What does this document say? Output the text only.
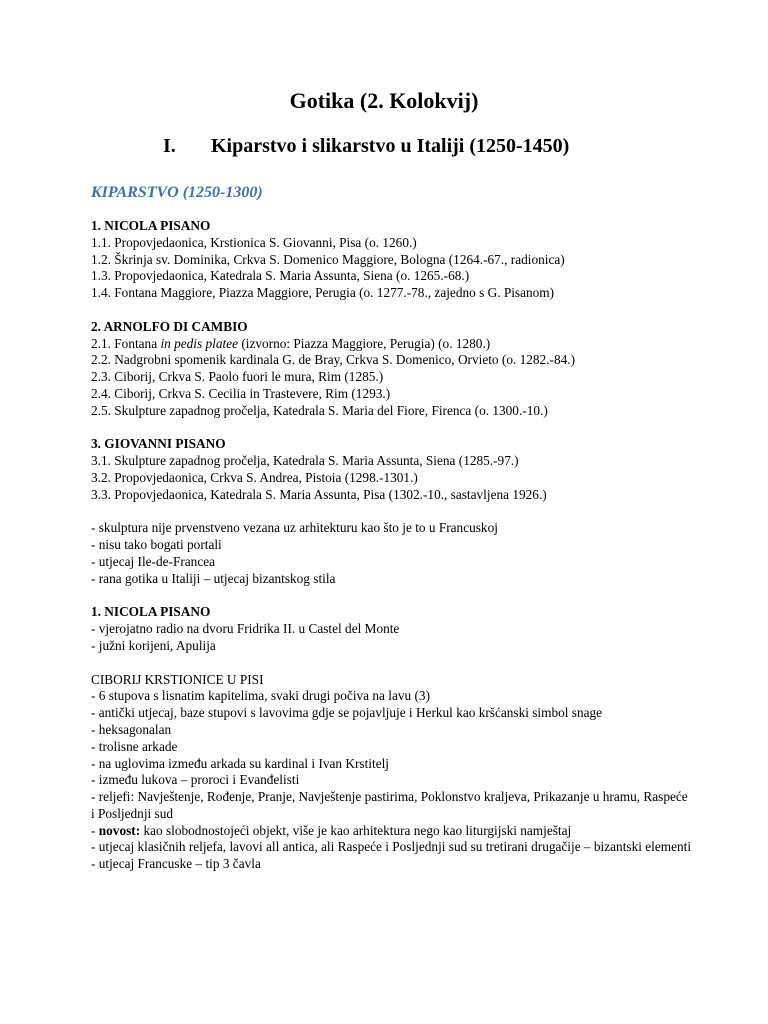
Gotika (2. Kolokvij)
I. Kiparstvo i slikarstvo u Italiji (1250-1450)
KIPARSTVO (1250-1300)
1. NICOLA PISANO
1.1. Propovjedaonica, Krstionica S. Giovanni, Pisa (o. 1260.)
1.2. Škrinja sv. Dominika, Crkva S. Domenico Maggiore, Bologna (1264.-67., radionica)
1.3. Propovjedaonica, Katedrala S. Maria Assunta, Siena (o. 1265.-68.)
1.4. Fontana Maggiore, Piazza Maggiore, Perugia (o. 1277.-78., zajedno s G. Pisanom)
2. ARNOLFO DI CAMBIO
2.1. Fontana in pedis platee (izvorno: Piazza Maggiore, Perugia) (o. 1280.)
2.2. Nadgrobni spomenik kardinala G. de Bray, Crkva S. Domenico, Orvieto (o. 1282.-84.)
2.3. Ciborij, Crkva S. Paolo fuori le mura, Rim (1285.)
2.4. Ciborij, Crkva S. Cecilia in Trastevere, Rim (1293.)
2.5. Skulpture zapadnog pročelja, Katedrala S. Maria del Fiore, Firenca (o. 1300.-10.)
3. GIOVANNI PISANO
3.1. Skulpture zapadnog pročelja, Katedrala S. Maria Assunta, Siena (1285.-97.)
3.2. Propovjedaonica, Crkva S. Andrea, Pistoia (1298.-1301.)
3.3. Propovjedaonica, Katedrala S. Maria Assunta, Pisa (1302.-10., sastavljena 1926.)
- skulptura nije prvenstveno vezana uz arhitekturu kao što je to u Francuskoj
- nisu tako bogati portali
- utjecaj Ile-de-Francea
- rana gotika u Italiji – utjecaj bizantskog stila
1. NICOLA PISANO
- vjerojatno radio na dvoru Fridrika II. u Castel del Monte
- južni korijeni, Apulija
CIBORIJ KRSTIONICE U PISI
- 6 stupova s lisnatim kapitelima, svaki drugi počiva na lavu (3)
- antički utjecaj, baze stupovi s lavovima gdje se pojavljuje i Herkul kao kršćanski simbol snage
- heksagonalan
- trolisne arkade
- na uglovima između arkada su kardinal i Ivan Krstitelj
- između lukova – proroci i Evanđelisti
- reljefi: Navještenje, Rođenje, Pranje, Navještenje pastirima, Poklonstvo kraljeva, Prikazanje u hramu, Raspeće i Posljednji sud
- novost: kao slobodnostojeći objekt, više je kao arhitektura nego kao liturgijski namještaj
- utjecaj klasičnih reljefa, lavovi all antica, ali Raspeće i Posljednji sud su tretirani drugačije – bizantski elementi
- utjecaj Francuske – tip 3 čavla
